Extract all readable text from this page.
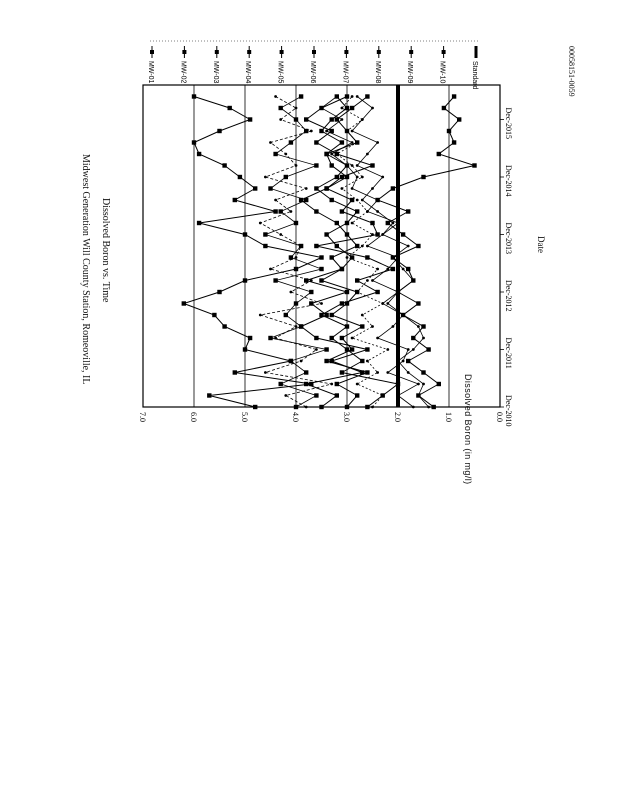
Midwest Generation Will County Station, Romeoville, IL Dissolved Boron vs. Time
Dissolved Boron (in mg/l)
Date
00058151-0059
0.0
1.0
2.0
3.0
4.0
5.0
6.0
7.0	Dec-2010
Dec-2011
Dec-2012
Dec-2013
Dec-2014
Dec-2015
MW-01	MW-02	MW-03	MW-04	MW-05	MW-06	MW-07	MW-08	MW-09	MW-10	Standard
